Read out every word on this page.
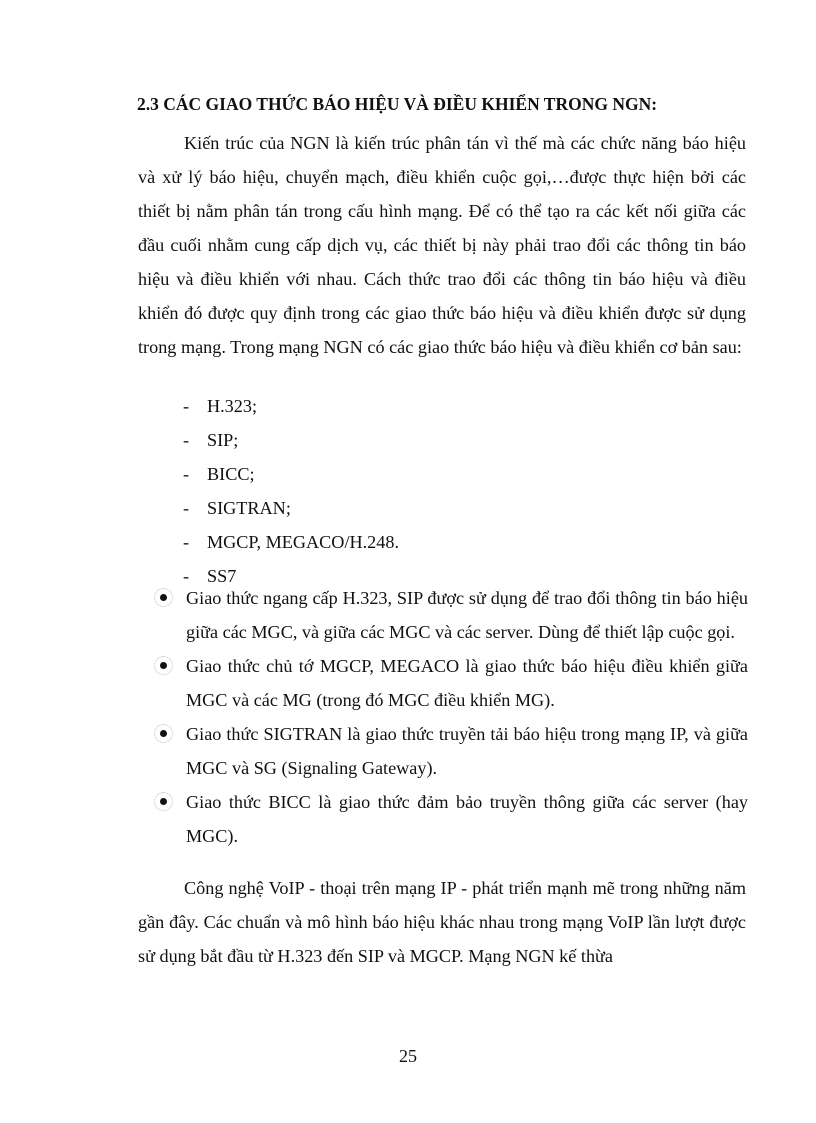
2.3 CÁC GIAO THỨC BÁO HIỆU VÀ ĐIỀU KHIỂN TRONG NGN:

Kiến trúc của NGN là kiến trúc phân tán vì thế mà các chức năng báo hiệu và xử lý báo hiệu, chuyển mạch, điều khiển cuộc gọi,…được thực hiện bởi các thiết bị nằm phân tán trong cấu hình mạng. Để có thể tạo ra các kết nối giữa các đầu cuối nhằm cung cấp dịch vụ, các thiết bị này phải trao đổi các thông tin báo hiệu và điều khiển với nhau. Cách thức trao đổi các thông tin báo hiệu và điều khiển đó được quy định trong các giao thức báo hiệu và điều khiển được sử dụng trong mạng. Trong mạng NGN có các giao thức báo hiệu và điều khiển cơ bản sau:

- H.323;
- SIP;
- BICC;
- SIGTRAN;
- MGCP, MEGACO/H.248.
- SS7
Giao thức ngang cấp H.323, SIP được sử dụng để trao đổi thông tin báo hiệu giữa các MGC, và giữa các MGC và các server. Dùng để thiết lập cuộc gọi.
Giao thức chủ tớ MGCP, MEGACO là giao thức báo hiệu điều khiển giữa MGC và các MG (trong đó MGC điều khiển MG).
Giao thức SIGTRAN là giao thức truyền tải báo hiệu trong mạng IP, và giữa MGC và SG (Signaling Gateway).
Giao thức BICC là giao thức đảm bảo truyền thông giữa các server (hay MGC).

Công nghệ VoIP - thoại trên mạng IP - phát triển mạnh mẽ trong những năm gần đây. Các chuẩn và mô hình báo hiệu khác nhau trong mạng VoIP lần lượt được sử dụng bắt đầu từ H.323 đến SIP và MGCP. Mạng NGN kế thừa

25
